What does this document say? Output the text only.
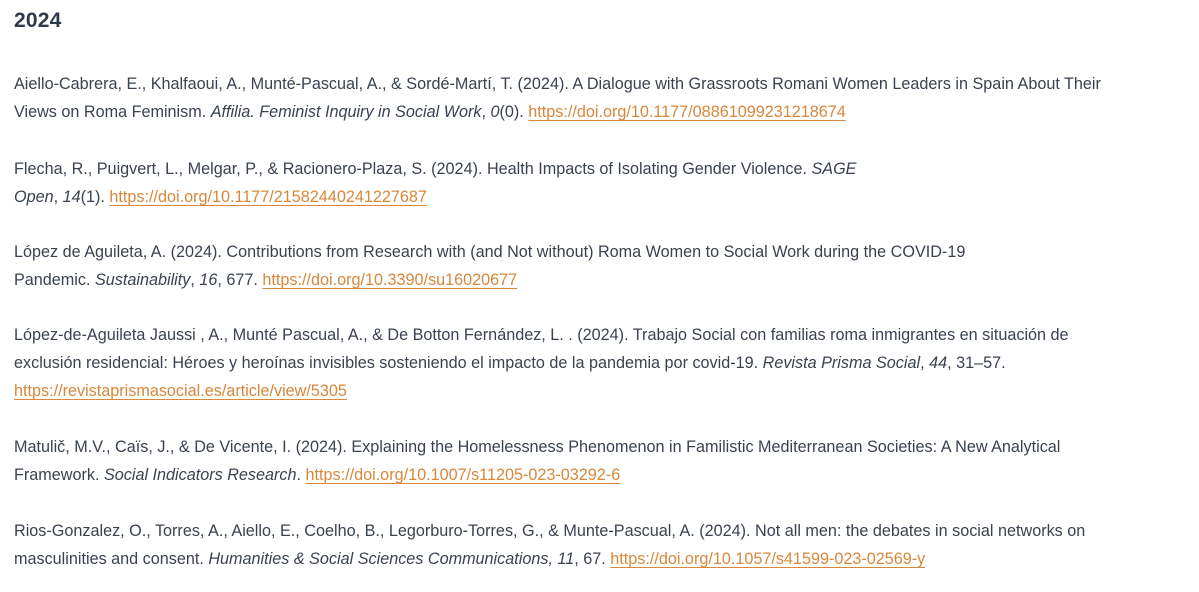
2024

Aiello-Cabrera, E., Khalfaoui, A., Munté-Pascual, A., & Sordé-Martí, T. (2024). A Dialogue with Grassroots Romani Women Leaders in Spain About Their
Views on Roma Feminism. Affilia. Feminist Inquiry in Social Work, 0(0). https://doi.org/10.1177/08861099231218674

Flecha, R., Puigvert, L., Melgar, P., & Racionero-Plaza, S. (2024). Health Impacts of Isolating Gender Violence. SAGE
Open, 14(1). https://doi.org/10.1177/21582440241227687

López de Aguileta, A. (2024). Contributions from Research with (and Not without) Roma Women to Social Work during the COVID-19
Pandemic. Sustainability, 16, 677. https://doi.org/10.3390/su16020677

López-de-Aguileta Jaussi , A., Munté Pascual, A., & De Botton Fernández, L. . (2024). Trabajo Social con familias roma inmigrantes en situación de
exclusión residencial: Héroes y heroínas invisibles sosteniendo el impacto de la pandemia por covid-19. Revista Prisma Social, 44, 31–57.
https://revistaprismasocial.es/article/view/5305

Matulič, M.V., Caïs, J., & De Vicente, I. (2024). Explaining the Homelessness Phenomenon in Familistic Mediterranean Societies: A New Analytical
Framework. Social Indicators Research. https://doi.org/10.1007/s11205-023-03292-6

Rios-Gonzalez, O., Torres, A., Aiello, E., Coelho, B., Legorburo-Torres, G., & Munte-Pascual, A. (2024). Not all men: the debates in social networks on
masculinities and consent. Humanities & Social Sciences Communications, 11, 67. https://doi.org/10.1057/s41599-023-02569-y
